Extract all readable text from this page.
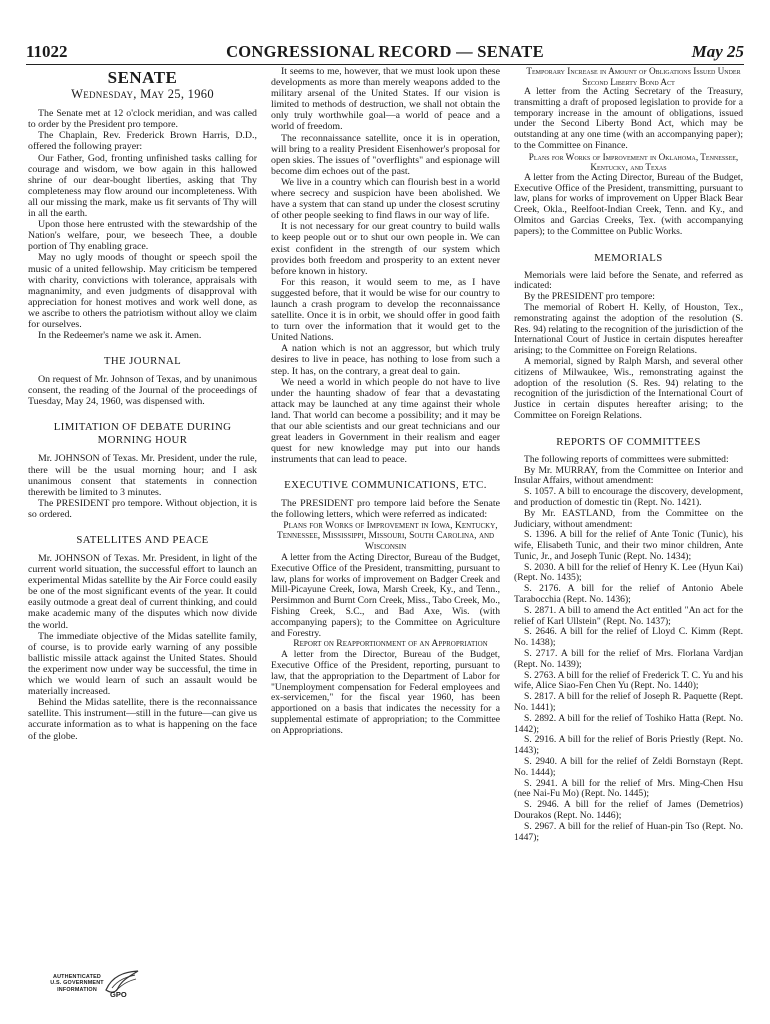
11022	CONGRESSIONAL RECORD — SENATE	May 25
SENATE
Wednesday, May 25, 1960

The Senate met at 12 o'clock meridian, and was called to order by the President pro tempore.

The Chaplain, Rev. Frederick Brown Harris, D.D., offered the following prayer:

Our Father, God, fronting unfinished tasks calling for courage and wisdom, we bow again in this hallowed shrine of our dear-bought liberties, asking that Thy completeness may flow around our incompleteness. With all our missing the mark, make us fit servants of Thy will in all the earth.

Upon those here entrusted with the stewardship of the Nation's welfare, pour, we beseech Thee, a double portion of Thy enabling grace.

May no ugly moods of thought or speech spoil the music of a united fellowship. May criticism be tempered with charity, convictions with tolerance, appraisals with magnanimity, and even judgments of disapproval with appreciation for honest motives and work well done, as we ascribe to others the patriotism without alloy we claim for ourselves.

In the Redeemer's name we ask it. Amen.

THE JOURNAL

On request of Mr. Johnson of Texas, and by unanimous consent, the reading of the Journal of the proceedings of Tuesday, May 24, 1960, was dispensed with.

LIMITATION OF DEBATE DURING MORNING HOUR

Mr. JOHNSON of Texas. Mr. President, under the rule, there will be the usual morning hour; and I ask unanimous consent that statements in connection therewith be limited to 3 minutes.

The PRESIDENT pro tempore. Without objection, it is so ordered.

SATELLITES AND PEACE

Mr. JOHNSON of Texas. Mr. President, in light of the current world situation, the successful effort to launch an experimental Midas satellite by the Air Force could easily be one of the most significant events of the year. It could easily outmode a great deal of current thinking, and could make academic many of the disputes which now divide the world.

The immediate objective of the Midas satellite family, of course, is to provide early warning of any possible ballistic missile attack against the United States. Should the experiment now under way be successful, the time in which we would learn of such an assault would be materially increased.

Behind the Midas satellite, there is the reconnaissance satellite. This instrument—still in the future—can give us accurate information as to what is happening on the face of the globe.

It seems to me, however, that we must look upon these developments as more than merely weapons added to the military arsenal of the United States. If our vision is limited to methods of destruction, we shall not obtain the only truly worthwhile goal—a world of peace and a world of freedom.

The reconnaissance satellite, once it is in operation, will bring to a reality President Eisenhower's proposal for open skies. The issues of "overflights" and espionage will become dim echoes out of the past.

We live in a country which can flourish best in a world where secrecy and suspicion have been abolished. We have a system that can stand up under the closest scrutiny of other people seeking to find flaws in our way of life.

It is not necessary for our great country to build walls to keep people out or to shut our own people in. We can exist confident in the strength of our system which provides both freedom and prosperity to an extent never before known in history.

For this reason, it would seem to me, as I have suggested before, that it would be wise for our country to launch a crash program to develop the reconnaissance satellite. Once it is in orbit, we should offer in good faith to turn over the information that it would get to the United Nations.

A nation which is not an aggressor, but which truly desires to live in peace, has nothing to lose from such a step. It has, on the contrary, a great deal to gain.

We need a world in which people do not have to live under the haunting shadow of fear that a devastating attack may be launched at any time against their whole land. That world can become a possibility; and it may be that our able scientists and our great technicians and our great leaders in Government in their realism and eager quest for new knowledge may put into our hands instruments that can lead to peace.

EXECUTIVE COMMUNICATIONS, ETC.

The PRESIDENT pro tempore laid before the Senate the following letters, which were referred as indicated:

Plans for Works of Improvement in Iowa, Kentucky, Tennessee, Mississippi, Missouri, South Carolina, and Wisconsin

A letter from the Acting Director, Bureau of the Budget, Executive Office of the President, transmitting, pursuant to law, plans for works of improvement on Badger Creek and Mill-Picayune Creek, Iowa, Marsh Creek, Ky., and Tenn., Persimmon and Burnt Corn Creek, Miss., Tabo Creek, Mo., Fishing Creek, S.C., and Bad Axe, Wis. (with accompanying papers); to the Committee on Agriculture and Forestry.

Report on Reapportionment of an Appropriation

A letter from the Director, Bureau of the Budget, Executive Office of the President, reporting, pursuant to law, that the appropriation to the Department of Labor for "Unemployment compensation for Federal employees and ex-servicemen," for the fiscal year 1960, has been apportioned on a basis that indicates the necessity for a supplemental estimate of appropriation; to the Committee on Appropriations.

Temporary Increase in Amount of Obligations Issued Under Second Liberty Bond Act

A letter from the Acting Secretary of the Treasury, transmitting a draft of proposed legislation to provide for a temporary increase in the amount of obligations, issued under the Second Liberty Bond Act, which may be outstanding at any one time (with an accompanying paper); to the Committee on Finance.

Plans for Works of Improvement in Oklahoma, Tennessee, Kentucky, and Texas

A letter from the Acting Director, Bureau of the Budget, Executive Office of the President, transmitting, pursuant to law, plans for works of improvement on Upper Black Bear Creek, Okla., Reelfoot-Indian Creek, Tenn. and Ky., and Olmitos and Garcias Creeks, Tex. (with accompanying papers); to the Committee on Public Works.

MEMORIALS

Memorials were laid before the Senate, and referred as indicated:

By the PRESIDENT pro tempore:

The memorial of Robert H. Kelly, of Houston, Tex., remonstrating against the adoption of the resolution (S. Res. 94) relating to the recognition of the jurisdiction of the International Court of Justice in certain disputes hereafter arising; to the Committee on Foreign Relations.

A memorial, signed by Ralph Marsh, and several other citizens of Milwaukee, Wis., remonstrating against the adoption of the resolution (S. Res. 94) relating to the recognition of the jurisdiction of the International Court of Justice in certain disputes hereafter arising; to the Committee on Foreign Relations.

REPORTS OF COMMITTEES

The following reports of committees were submitted:

By Mr. MURRAY, from the Committee on Interior and Insular Affairs, without amendment:

S. 1057. A bill to encourage the discovery, development, and production of domestic tin (Rept. No. 1421).

By Mr. EASTLAND, from the Committee on the Judiciary, without amendment:

S. 1396. A bill for the relief of Ante Tonic (Tunic), his wife, Elisabeth Tunic, and their two minor children, Ante Tunic, Jr., and Joseph Tunic (Rept. No. 1434);

S. 2030. A bill for the relief of Henry K. Lee (Hyun Kai) (Rept. No. 1435);

S. 2176. A bill for the relief of Antonio Abele Tarabocchia (Rept. No. 1436);

S. 2871. A bill to amend the Act entitled "An act for the relief of Karl Ullstein" (Rept. No. 1437);

S. 2646. A bill for the relief of Lloyd C. Kimm (Rept. No. 1438);

S. 2717. A bill for the relief of Mrs. Florlana Vardjan (Rept. No. 1439);

S. 2763. A bill for the relief of Frederick T. C. Yu and his wife, Alice Siao-Fen Chen Yu (Rept. No. 1440);

S. 2817. A bill for the relief of Joseph R. Paquette (Rept. No. 1441);

S. 2892. A bill for the relief of Toshiko Hatta (Rept. No. 1442);

S. 2916. A bill for the relief of Boris Priestly (Rept. No. 1443);

S. 2940. A bill for the relief of Zeldi Bornstayn (Rept. No. 1444);

S. 2941. A bill for the relief of Mrs. Ming-Chen Hsu (nee Nai-Fu Mo) (Rept. No. 1445);

S. 2946. A bill for the relief of James (Demetrios) Dourakos (Rept. No. 1446);

S. 2967. A bill for the relief of Huan-pin Tso (Rept. No. 1447);

AUTHENTICATED U.S. GOVERNMENT INFORMATION
GPO
